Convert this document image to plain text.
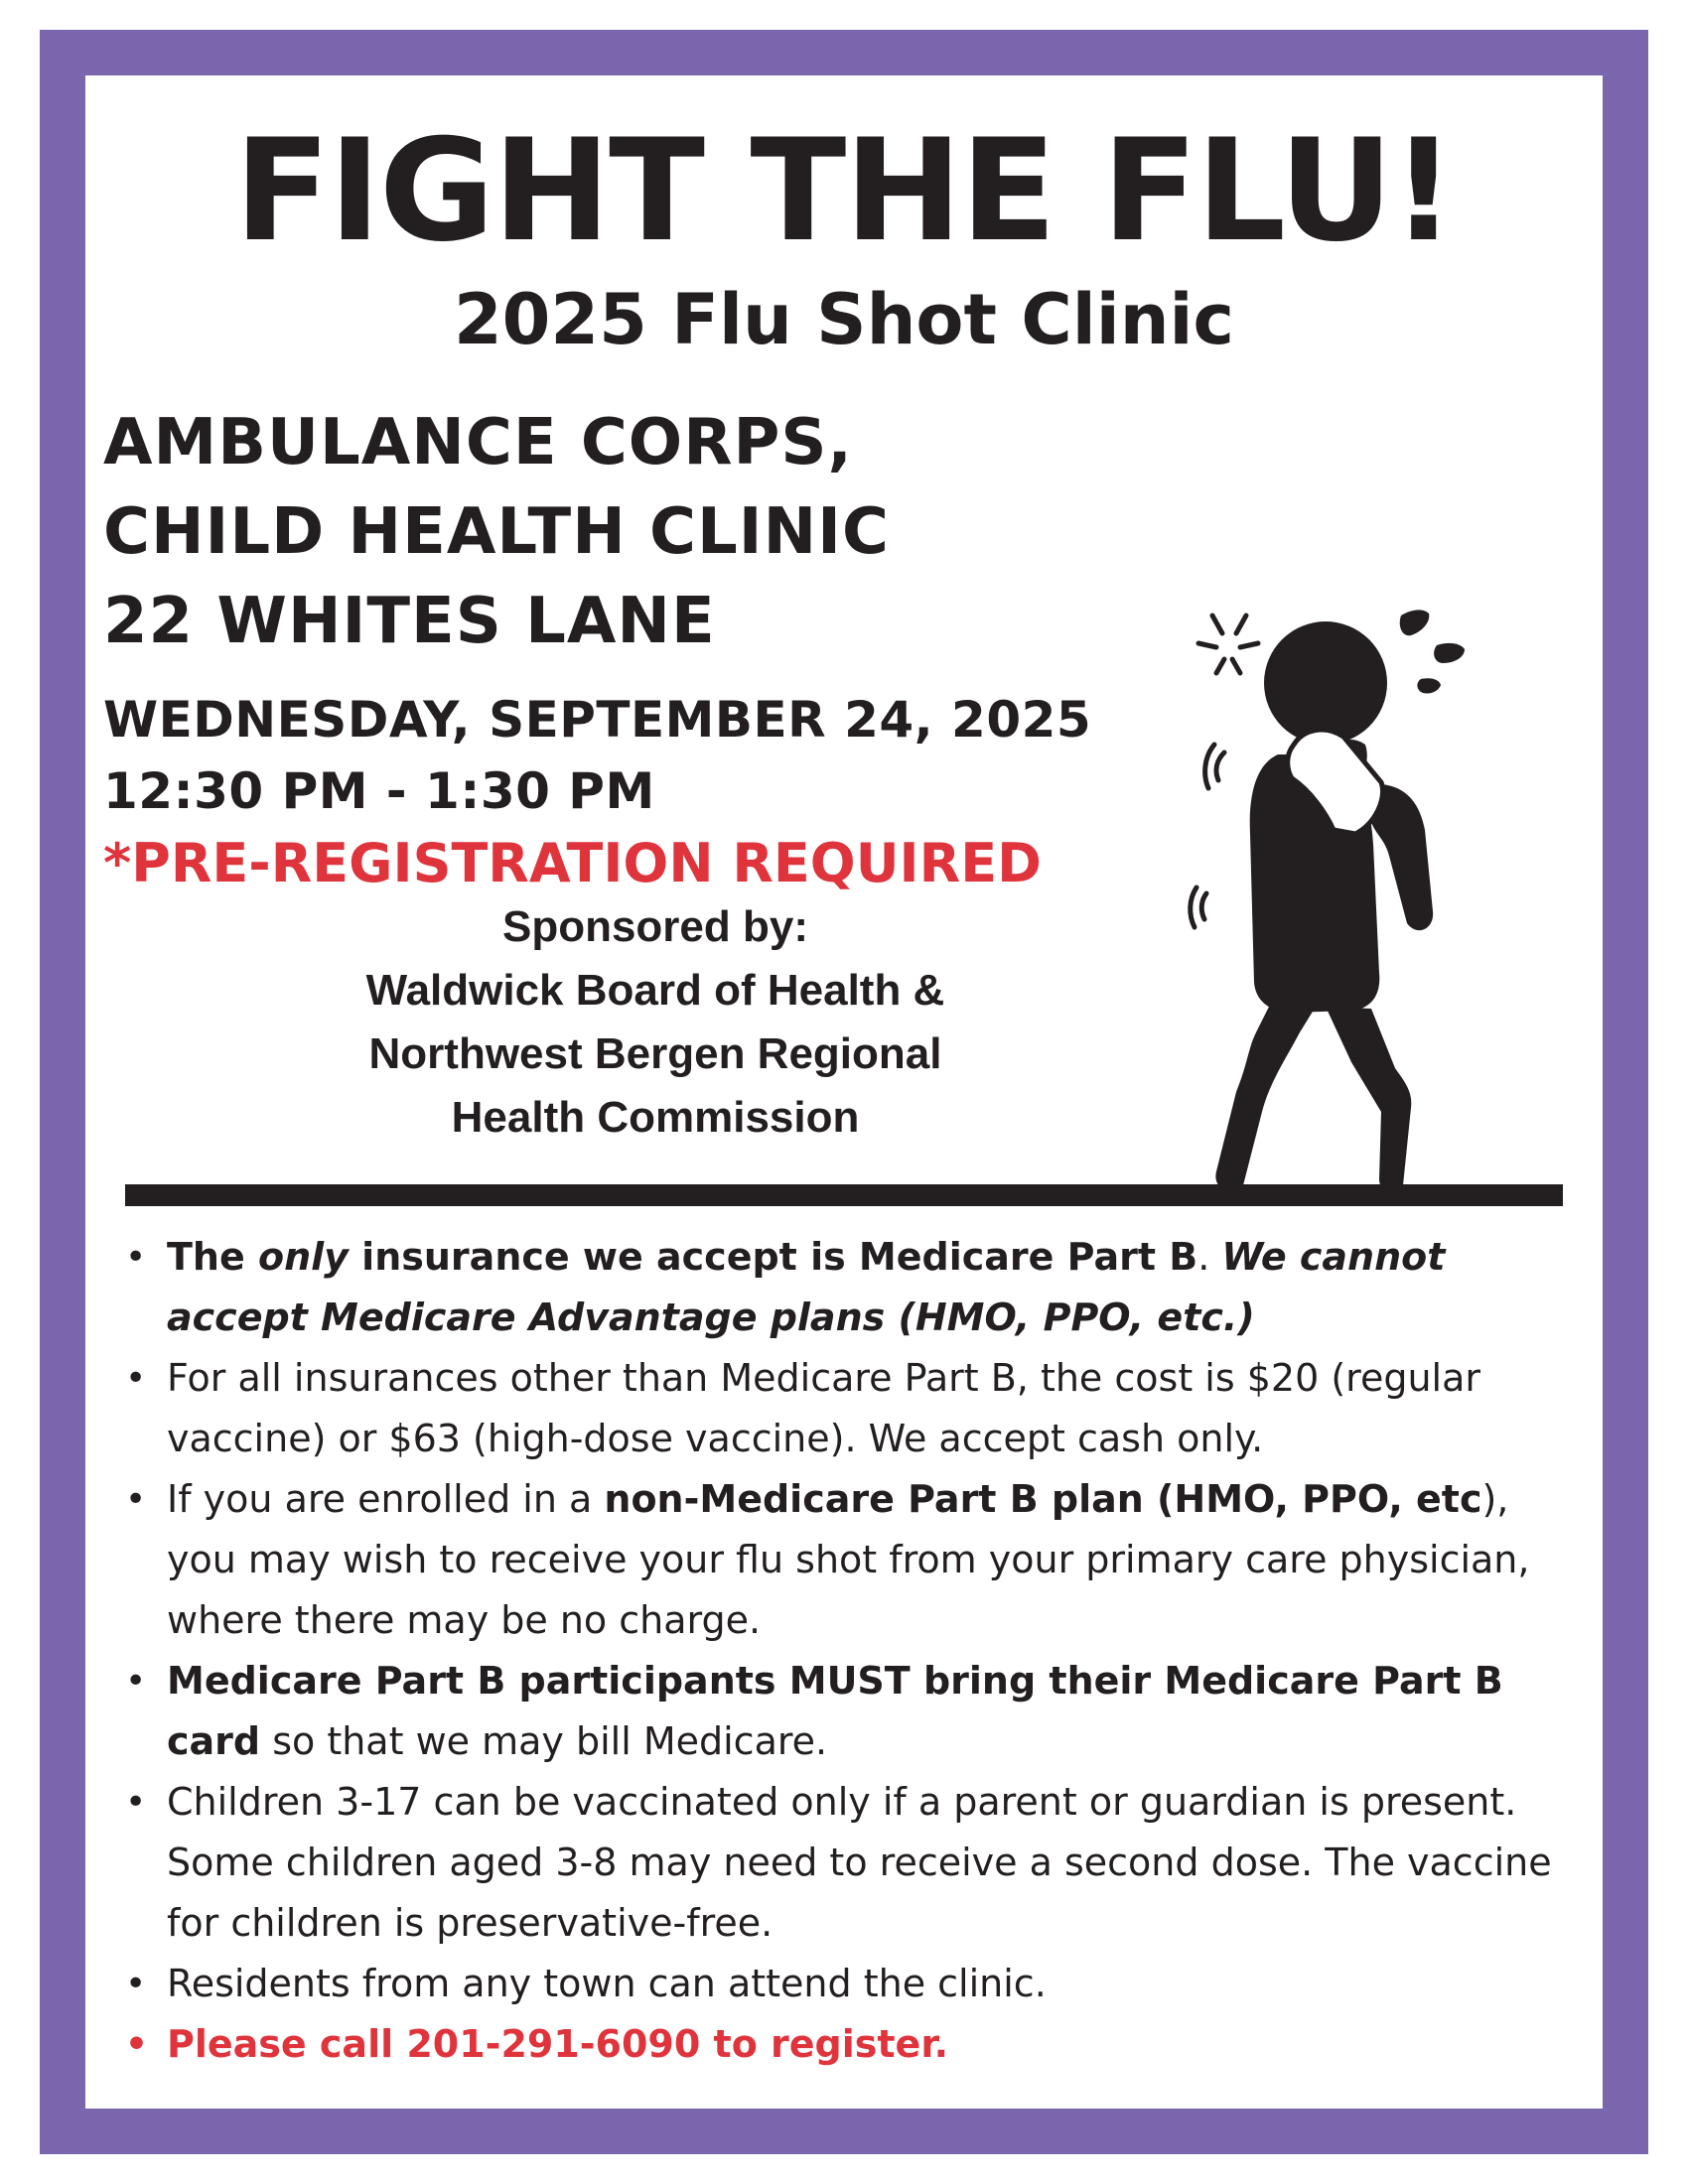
FIGHT THE FLU!
2025 Flu Shot Clinic
AMBULANCE CORPS,
CHILD HEALTH CLINIC
22 WHITES LANE
WEDNESDAY, SEPTEMBER 24, 2025
12:30 PM - 1:30 PM
*PRE-REGISTRATION REQUIRED
Sponsored by:
Waldwick Board of Health &
Northwest Bergen Regional
Health Commission
• The only insurance we accept is Medicare Part B. We cannot accept Medicare Advantage plans (HMO, PPO, etc.)
• For all insurances other than Medicare Part B, the cost is $20 (regular vaccine) or $63 (high-dose vaccine). We accept cash only.
• If you are enrolled in a non-Medicare Part B plan (HMO, PPO, etc), you may wish to receive your flu shot from your primary care physician, where there may be no charge.
• Medicare Part B participants MUST bring their Medicare Part B card so that we may bill Medicare.
• Children 3-17 can be vaccinated only if a parent or guardian is present. Some children aged 3-8 may need to receive a second dose. The vaccine for children is preservative-free.
• Residents from any town can attend the clinic.
• Please call 201-291-6090 to register.
